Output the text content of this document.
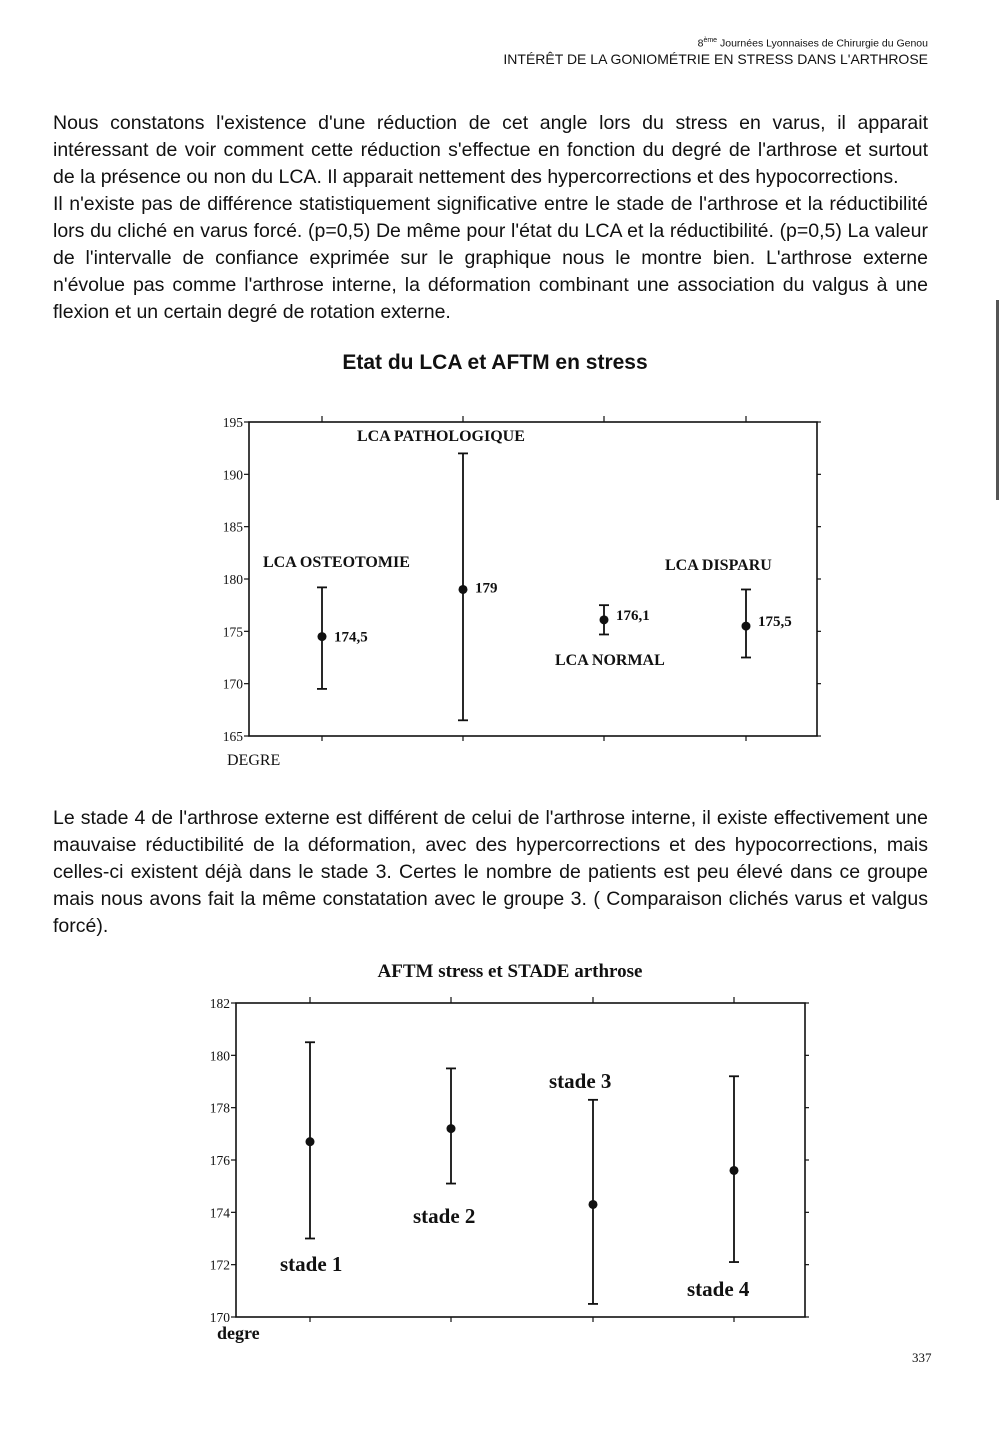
8ème Journées Lyonnaises de Chirurgie du Genou
INTÉRÊT DE LA GONIOMÉTRIE EN STRESS DANS L'ARTHROSE

Nous constatons l'existence d'une réduction de cet angle lors du stress en varus, il apparait intéressant de voir comment cette réduction s'effectue en fonction du degré de l'arthrose et surtout de la présence ou non du LCA. Il apparait nettement des hypercorrections et des hypocorrections.

Il n'existe pas de différence statistiquement significative entre le stade de l'arthrose et la réductibilité lors du cliché en varus forcé. (p=0,5) De même pour l'état du LCA et la réductibilité. (p=0,5) La valeur de l'intervalle de confiance exprimée sur le graphique nous le montre bien. L'arthrose externe n'évolue pas comme l'arthrose interne, la déformation combinant une association du valgus à une flexion et un certain degré de rotation externe.

Etat du LCA et AFTM en stress
165
170
175
180
185
190
195
DEGRE
174,5
LCA OSTEOTOMIE
179
LCA PATHOLOGIQUE
176,1
LCA NORMAL
175,5
LCA DISPARU

Le stade 4 de l'arthrose externe est différent de celui de l'arthrose interne, il existe effectivement une mauvaise réductibilité de la déformation, avec des hypercorrections et des hypocorrections, mais celles-ci existent déjà dans le stade 3. Certes le nombre de patients est peu élevé dans ce groupe mais nous avons fait la même constatation avec le groupe 3. ( Comparaison clichés varus et valgus forcé).

AFTM stress et STADE arthrose
170
172
174
176
178
180
182
degre
stade 1
stade 2
stade 3
stade 4
337
